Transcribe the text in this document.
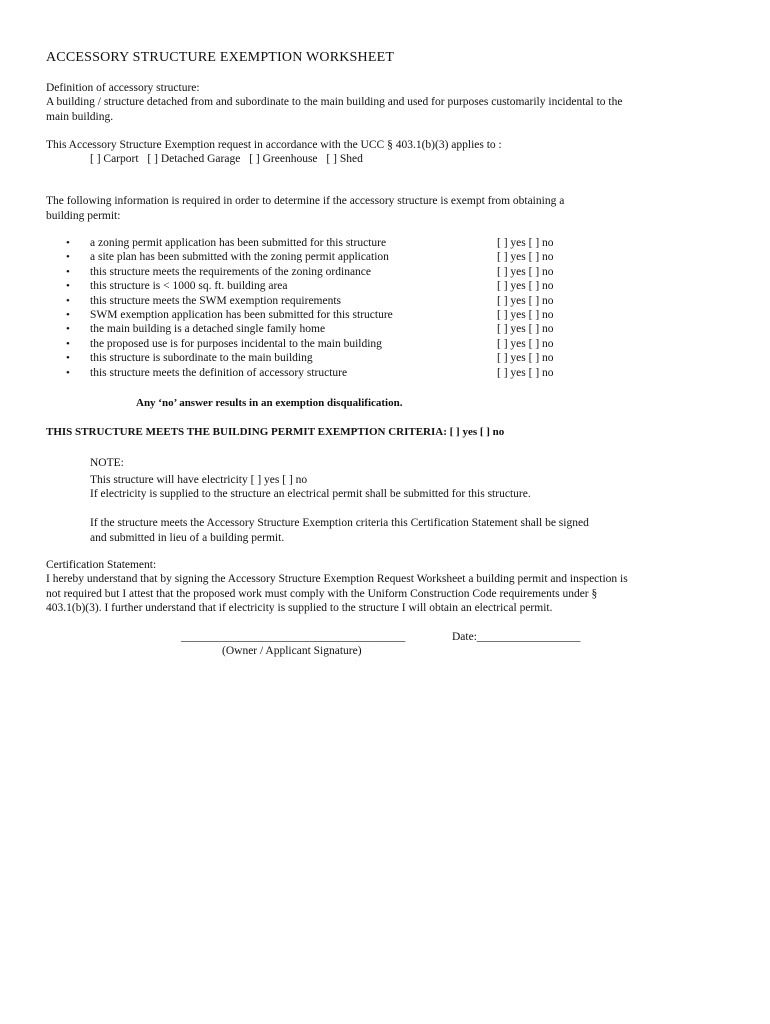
ACCESSORY STRUCTURE EXEMPTION WORKSHEET
Definition of accessory structure:
A building / structure detached from and subordinate to the main building and used for purposes customarily incidental to the main building.
This Accessory Structure Exemption request in accordance with the UCC § 403.1(b)(3) applies to :
[ ] Carport [ ] Detached Garage [ ] Greenhouse [ ] Shed
The following information is required in order to determine if the accessory structure is exempt from obtaining a building permit:
• a zoning permit application has been submitted for this structure	[ ] yes [ ] no
• a site plan has been submitted with the zoning permit application	[ ] yes [ ] no
• this structure meets the requirements of the zoning ordinance	[ ] yes [ ] no
• this structure is < 1000 sq. ft. building area	[ ] yes [ ] no
• this structure meets the SWM exemption requirements	[ ] yes [ ] no
• SWM exemption application has been submitted for this structure	[ ] yes [ ] no
• the main building is a detached single family home	[ ] yes [ ] no
• the proposed use is for purposes incidental to the main building	[ ] yes [ ] no
• this structure is subordinate to the main building	[ ] yes [ ] no
• this structure meets the definition of accessory structure	[ ] yes [ ] no
Any ‘no’ answer results in an exemption disqualification.
THIS STRUCTURE MEETS THE BUILDING PERMIT EXEMPTION CRITERIA: [ ] yes [ ] no
NOTE:
This structure will have electricity [ ] yes [ ] no
If electricity is supplied to the structure an electrical permit shall be submitted for this structure.
If the structure meets the Accessory Structure Exemption criteria this Certification Statement shall be signed and submitted in lieu of a building permit.
Certification Statement:
I hereby understand that by signing the Accessory Structure Exemption Request Worksheet a building permit and inspection is not required but I attest that the proposed work must comply with the Uniform Construction Code requirements under § 403.1(b)(3). I further understand that if electricity is supplied to the structure I will obtain an electrical permit.
_______________________________________	Date:__________________
(Owner / Applicant Signature)
